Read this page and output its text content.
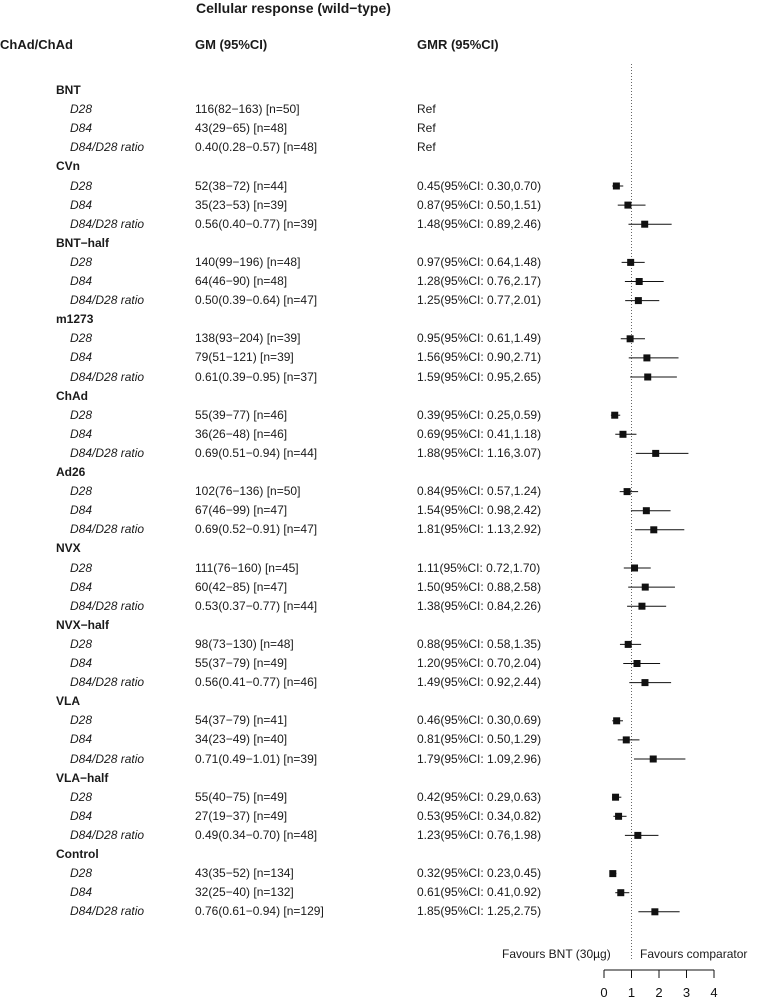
Cellular response (wild−type)
ChAd/ChAd	GM (95%CI)	GMR (95%CI)
BNT
D28	116(82−163) [n=50]	Ref
D84	43(29−65) [n=48]	Ref
D84/D28 ratio	0.40(0.28−0.57) [n=48]	Ref
CVn
D28	52(38−72) [n=44]	0.45(95%CI: 0.30,0.70)
D84	35(23−53) [n=39]	0.87(95%CI: 0.50,1.51)
D84/D28 ratio	0.56(0.40−0.77) [n=39]	1.48(95%CI: 0.89,2.46)
BNT−half
D28	140(99−196) [n=48]	0.97(95%CI: 0.64,1.48)
D84	64(46−90) [n=48]	1.28(95%CI: 0.76,2.17)
D84/D28 ratio	0.50(0.39−0.64) [n=47]	1.25(95%CI: 0.77,2.01)
m1273
D28	138(93−204) [n=39]	0.95(95%CI: 0.61,1.49)
D84	79(51−121) [n=39]	1.56(95%CI: 0.90,2.71)
D84/D28 ratio	0.61(0.39−0.95) [n=37]	1.59(95%CI: 0.95,2.65)
ChAd
D28	55(39−77) [n=46]	0.39(95%CI: 0.25,0.59)
D84	36(26−48) [n=46]	0.69(95%CI: 0.41,1.18)
D84/D28 ratio	0.69(0.51−0.94) [n=44]	1.88(95%CI: 1.16,3.07)
Ad26
D28	102(76−136) [n=50]	0.84(95%CI: 0.57,1.24)
D84	67(46−99) [n=47]	1.54(95%CI: 0.98,2.42)
D84/D28 ratio	0.69(0.52−0.91) [n=47]	1.81(95%CI: 1.13,2.92)
NVX
D28	111(76−160) [n=45]	1.11(95%CI: 0.72,1.70)
D84	60(42−85) [n=47]	1.50(95%CI: 0.88,2.58)
D84/D28 ratio	0.53(0.37−0.77) [n=44]	1.38(95%CI: 0.84,2.26)
NVX−half
D28	98(73−130) [n=48]	0.88(95%CI: 0.58,1.35)
D84	55(37−79) [n=49]	1.20(95%CI: 0.70,2.04)
D84/D28 ratio	0.56(0.41−0.77) [n=46]	1.49(95%CI: 0.92,2.44)
VLA
D28	54(37−79) [n=41]	0.46(95%CI: 0.30,0.69)
D84	34(23−49) [n=40]	0.81(95%CI: 0.50,1.29)
D84/D28 ratio	0.71(0.49−1.01) [n=39]	1.79(95%CI: 1.09,2.96)
VLA−half
D28	55(40−75) [n=49]	0.42(95%CI: 0.29,0.63)
D84	27(19−37) [n=49]	0.53(95%CI: 0.34,0.82)
D84/D28 ratio	0.49(0.34−0.70) [n=48]	1.23(95%CI: 0.76,1.98)
Control
D28	43(35−52) [n=134]	0.32(95%CI: 0.23,0.45)
D84	32(25−40) [n=132]	0.61(95%CI: 0.41,0.92)
D84/D28 ratio	0.76(0.61−0.94) [n=129]	1.85(95%CI: 1.25,2.75)
0 1 2 3 4
Favours BNT (30µg) Favours comparator
